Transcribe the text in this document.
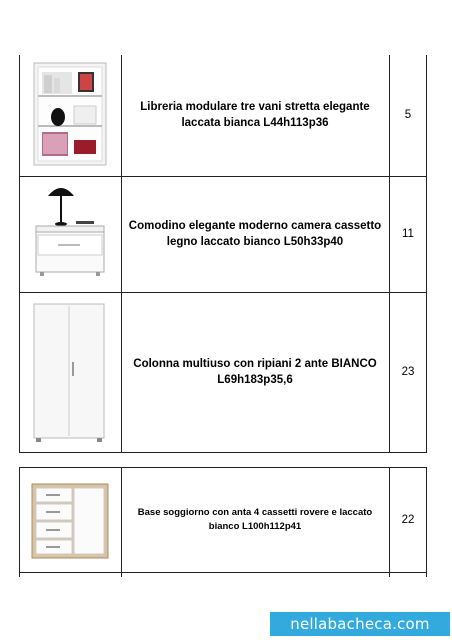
Libreria modulare tre vani stretta elegante laccata bianca L44h113p36
5
Comodino elegante moderno camera cassetto legno laccato bianco L50h33p40
11
Colonna multiuso con ripiani 2 ante BIANCO L69h183p35,6
23
Base soggiorno con anta 4 cassetti rovere e laccato bianco L100h112p41
22
nellabacheca.com
